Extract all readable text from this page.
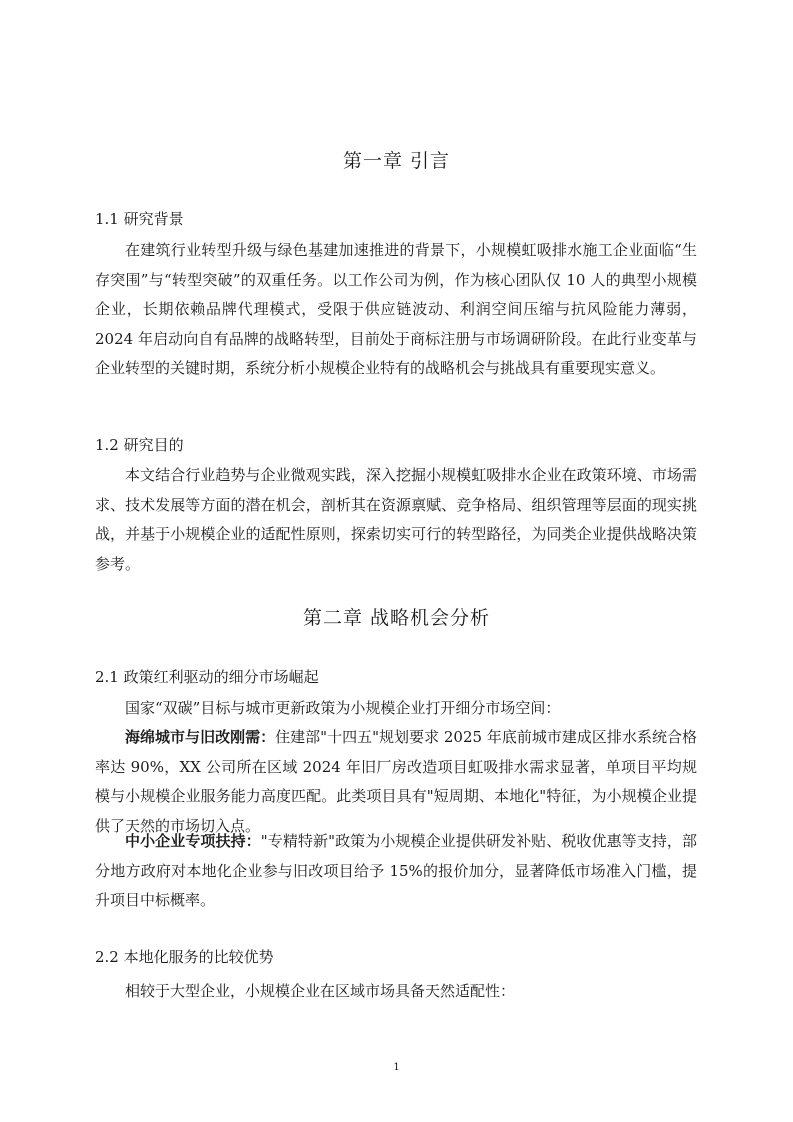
第一章 引言
1.1 研究背景

在建筑行业转型升级与绿色基建加速推进的背景下，小规模虹吸排水施工企业面临“生存突围”与“转型突破”的双重任务。以工作公司为例，作为核心团队仅 10 人的典型小规模企业，长期依赖品牌代理模式，受限于供应链波动、利润空间压缩与抗风险能力薄弱，2024 年启动向自有品牌的战略转型，目前处于商标注册与市场调研阶段。在此行业变革与企业转型的关键时期，系统分析小规模企业特有的战略机会与挑战具有重要现实意义。

1.2 研究目的

本文结合行业趋势与企业微观实践，深入挖掘小规模虹吸排水企业在政策环境、市场需求、技术发展等方面的潜在机会，剖析其在资源禀赋、竞争格局、组织管理等层面的现实挑战，并基于小规模企业的适配性原则，探索切实可行的转型路径，为同类企业提供战略决策参考。

第二章 战略机会分析
2.1 政策红利驱动的细分市场崛起

国家“双碳”目标与城市更新政策为小规模企业打开细分市场空间：

海绵城市与旧改刚需：住建部"十四五"规划要求 2025 年底前城市建成区排水系统合格率达 90%，XX 公司所在区域 2024 年旧厂房改造项目虹吸排水需求显著，单项目平均规模与小规模企业服务能力高度匹配。此类项目具有"短周期、本地化"特征，为小规模企业提供了天然的市场切入点。

中小企业专项扶持："专精特新"政策为小规模企业提供研发补贴、税收优惠等支持，部分地方政府对本地化企业参与旧改项目给予 15%的报价加分，显著降低市场准入门槛，提升项目中标概率。

2.2 本地化服务的比较优势

相较于大型企业，小规模企业在区域市场具备天然适配性：

1
